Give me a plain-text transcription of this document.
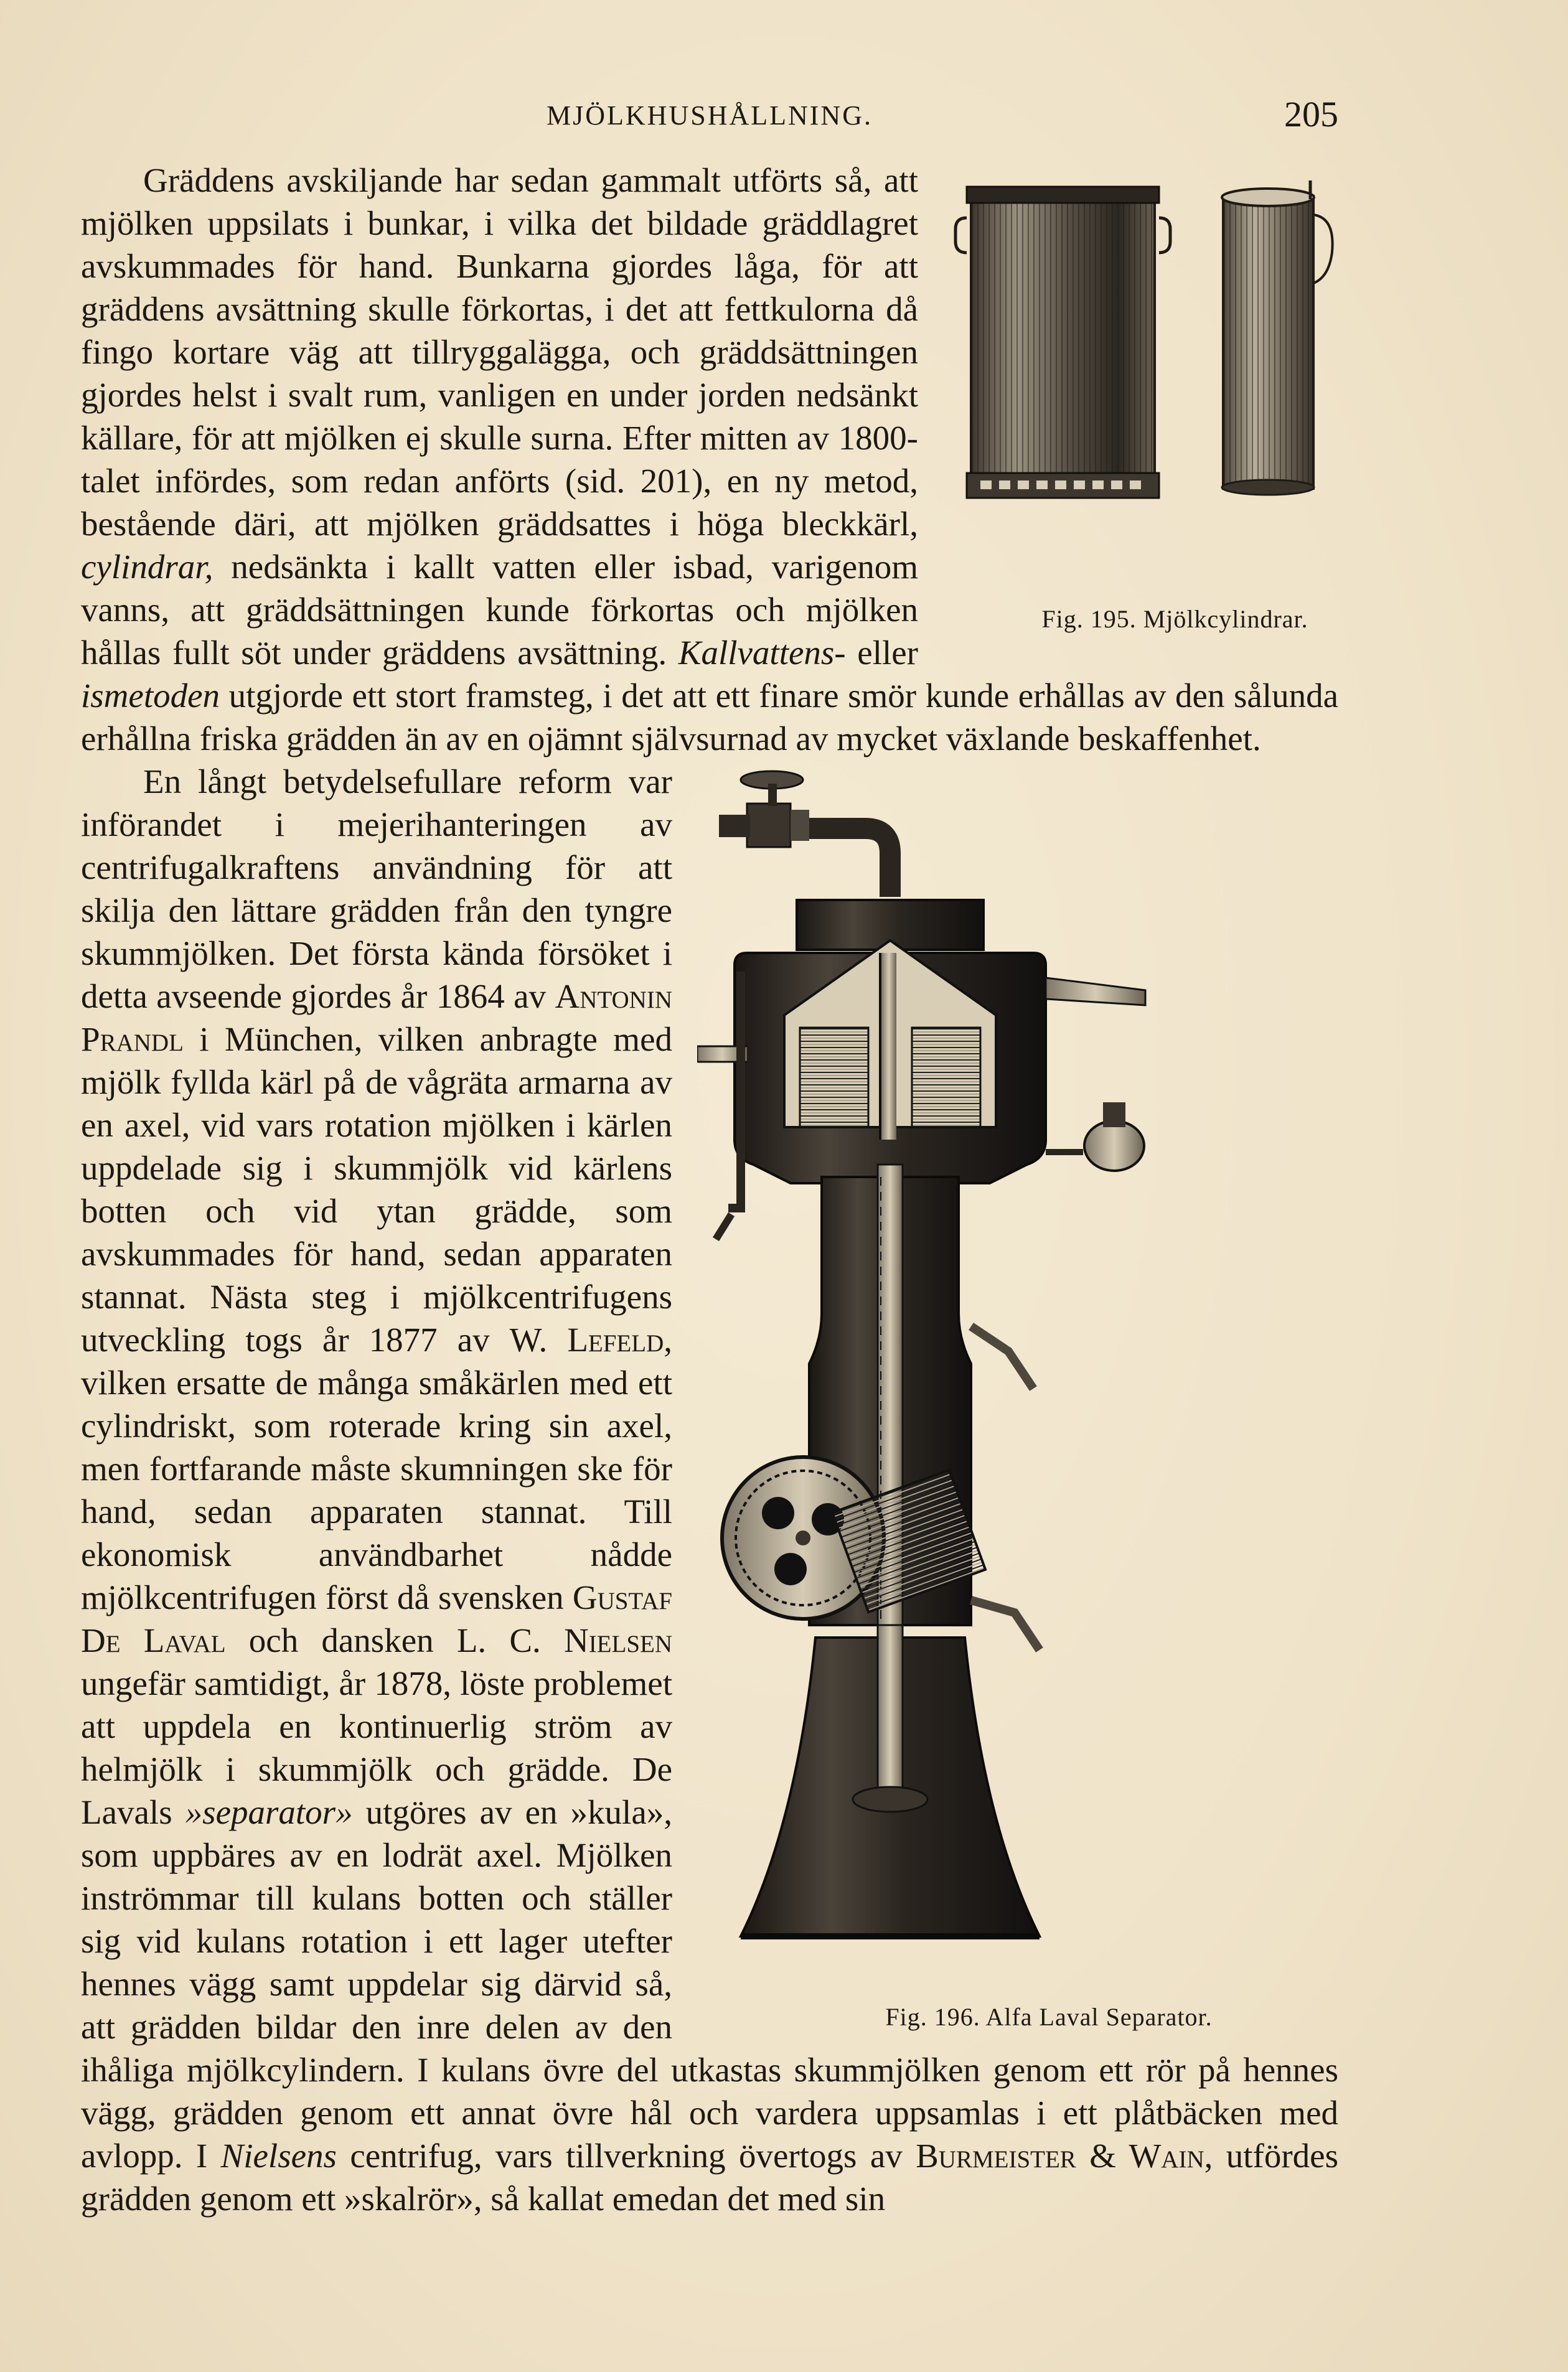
MJÖLKHUSHÅLLNING.	205

Fig. 195. Mjölkcylindrar.
Gräddens avskiljande har sedan gammalt utförts så, att mjölken uppsilats i bunkar, i vilka det bildade gräddlagret avskummades för hand. Bunkarna gjordes låga, för att gräddens avsättning skulle förkortas, i det att fettkulorna då fingo kortare väg att tillryggalägga, och gräddsättningen gjordes helst i svalt rum, vanligen en under jorden nedsänkt källare, för att mjölken ej skulle surna. Efter mitten av 1800-talet infördes, som redan anförts (sid. 201), en ny metod, bestående däri, att mjölken gräddsattes i höga bleckkärl, cylindrar, nedsänkta i kallt vatten eller isbad, varigenom vanns, att gräddsättningen kunde förkortas och mjölken hållas fullt söt under gräddens avsättning. Kallvattens- eller ismetoden utgjorde ett stort framsteg, i det att ett finare smör kunde erhållas av den sålunda erhållna friska grädden än av en ojämnt självsurnad av mycket växlande beskaffenhet.

Fig. 196. Alfa Laval Separator.
En långt betydelsefullare reform var införandet i mejerihanteringen av centrifugalkraftens användning för att skilja den lättare grädden från den tyngre skummjölken. Det första kända försöket i detta avseende gjordes år 1864 av Antonin Prandl i München, vilken anbragte med mjölk fyllda kärl på de vågräta armarna av en axel, vid vars rotation mjölken i kärlen uppdelade sig i skummjölk vid kärlens botten och vid ytan grädde, som avskummades för hand, sedan apparaten stannat. Nästa steg i mjölkcentrifugens utveckling togs år 1877 av W. Lefeld, vilken ersatte de många småkärlen med ett cylindriskt, som roterade kring sin axel, men fortfarande måste skumningen ske för hand, sedan apparaten stannat. Till ekonomisk användbarhet nådde mjölkcentrifugen först då svensken Gustaf De Laval och dansken L. C. Nielsen ungefär samtidigt, år 1878, löste problemet att uppdela en kontinuerlig ström av helmjölk i skummjölk och grädde. De Lavals »separator» utgöres av en »kula», som uppbäres av en lodrät axel. Mjölken inströmmar till kulans botten och ställer sig vid kulans rotation i ett lager utefter hennes vägg samt uppdelar sig därvid så, att grädden bildar den inre delen av den ihåliga mjölkcylindern. I kulans övre del utkastas skummjölken genom ett rör på hennes vägg, grädden genom ett annat övre hål och vardera uppsamlas i ett plåtbäcken med avlopp. I Nielsens centrifug, vars tillverkning övertogs av Burmeister & Wain, utfördes grädden genom ett »skalrör», så kallat emedan det med sin
